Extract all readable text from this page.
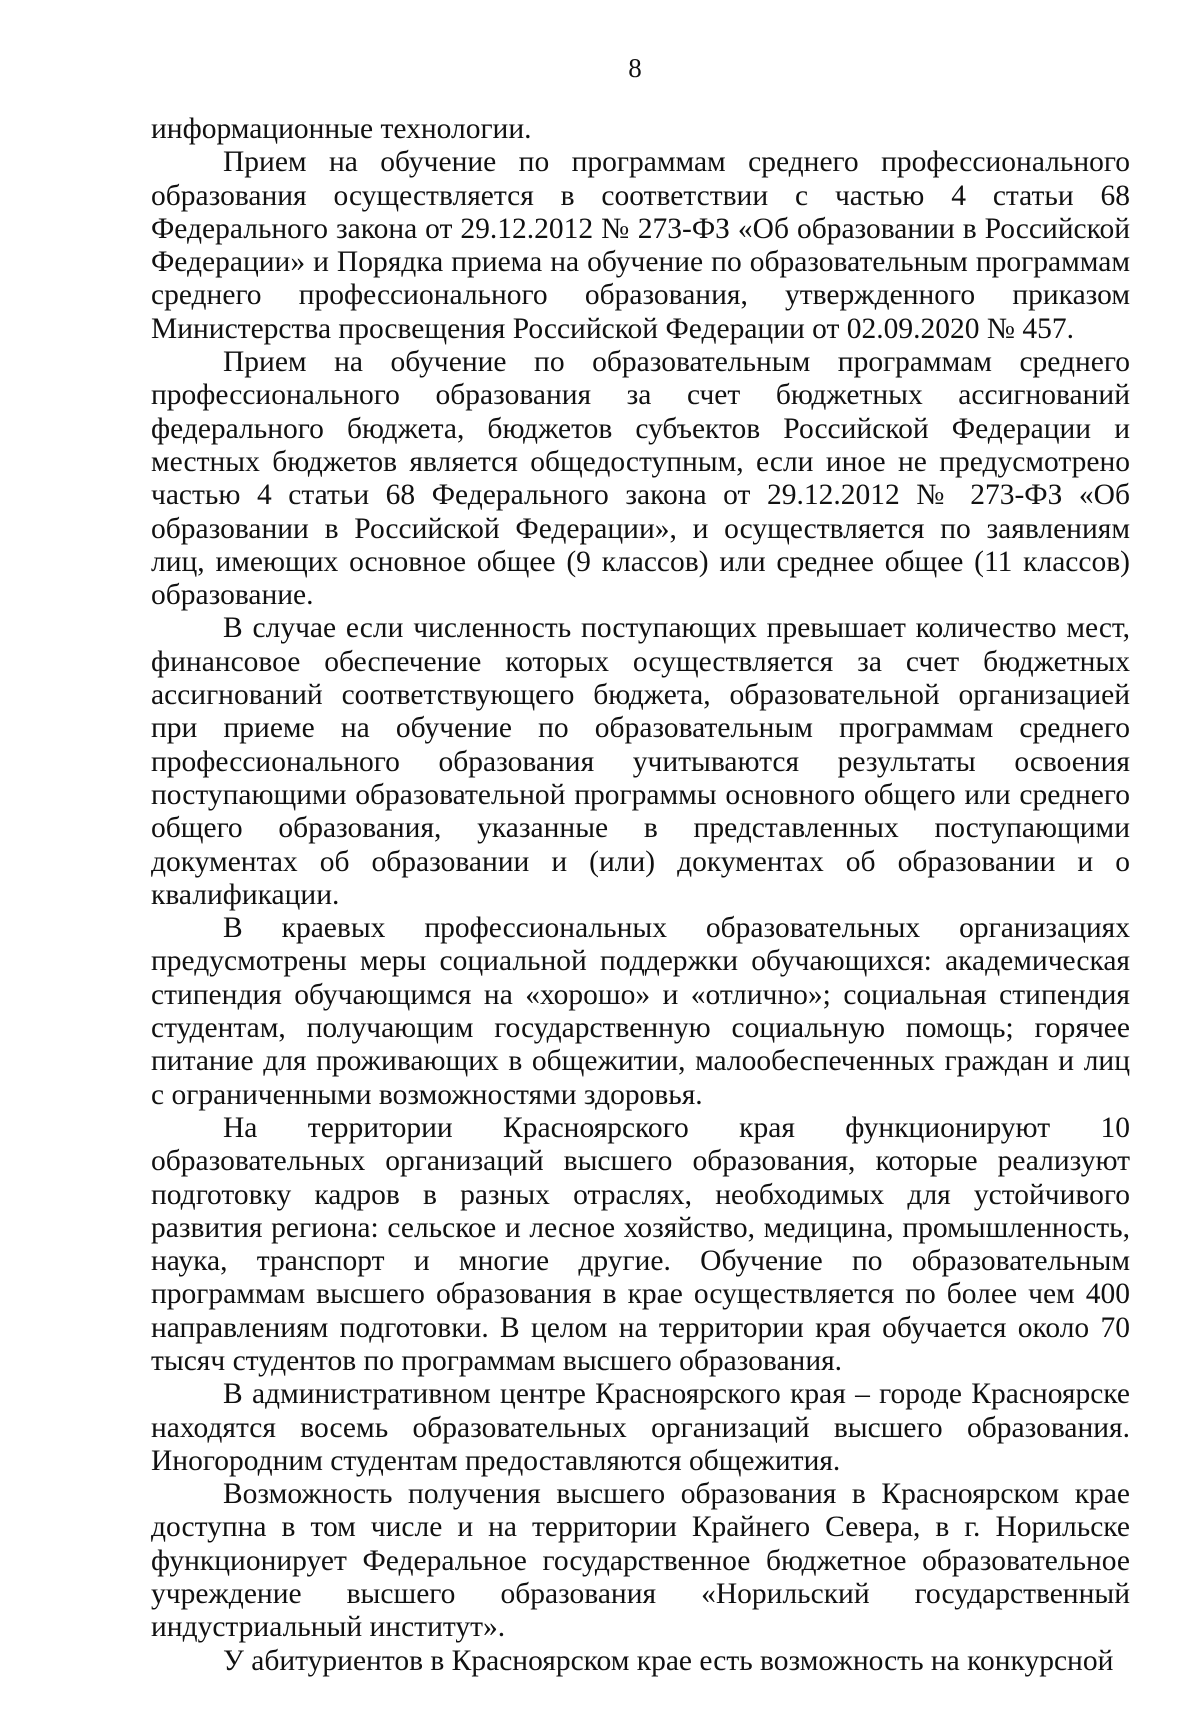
8

информационные технологии.

Прием на обучение по программам среднего профессионального образования осуществляется в соответствии с частью 4 статьи 68 Федерального закона от 29.12.2012 № 273-ФЗ «Об образовании в Российской Федерации» и Порядка приема на обучение по образовательным программам среднего профессионального образования, утвержденного приказом Министерства просвещения Российской Федерации от 02.09.2020 № 457.

Прием на обучение по образовательным программам среднего профессионального образования за счет бюджетных ассигнований федерального бюджета, бюджетов субъектов Российской Федерации и местных бюджетов является общедоступным, если иное не предусмотрено частью 4 статьи 68 Федерального закона от 29.12.2012 № 273-ФЗ «Об образовании в Российской Федерации», и осуществляется по заявлениям лиц, имеющих основное общее (9 классов) или среднее общее (11 классов) образование.

В случае если численность поступающих превышает количество мест, финансовое обеспечение которых осуществляется за счет бюджетных ассигнований соответствующего бюджета, образовательной организацией при приеме на обучение по образовательным программам среднего профессионального образования учитываются результаты освоения поступающими образовательной программы основного общего или среднего общего образования, указанные в представленных поступающими документах об образовании и (или) документах об образовании и о квалификации.

В краевых профессиональных образовательных организациях предусмотрены меры социальной поддержки обучающихся: академическая стипендия обучающимся на «хорошо» и «отлично»; социальная стипендия студентам, получающим государственную социальную помощь; горячее питание для проживающих в общежитии, малообеспеченных граждан и лиц с ограниченными возможностями здоровья.

На территории Красноярского края функционируют 10 образовательных организаций высшего образования, которые реализуют подготовку кадров в разных отраслях, необходимых для устойчивого развития региона: сельское и лесное хозяйство, медицина, промышленность, наука, транспорт и многие другие. Обучение по образовательным программам высшего образования в крае осуществляется по более чем 400 направлениям подготовки. В целом на территории края обучается около 70 тысяч студентов по программам высшего образования.

В административном центре Красноярского края – городе Красноярске находятся восемь образовательных организаций высшего образования. Иногородним студентам предоставляются общежития.

Возможность получения высшего образования в Красноярском крае доступна в том числе и на территории Крайнего Севера, в г. Норильске функционирует Федеральное государственное бюджетное образовательное учреждение высшего образования «Норильский государственный индустриальный институт».

У абитуриентов в Красноярском крае есть возможность на конкурсной
